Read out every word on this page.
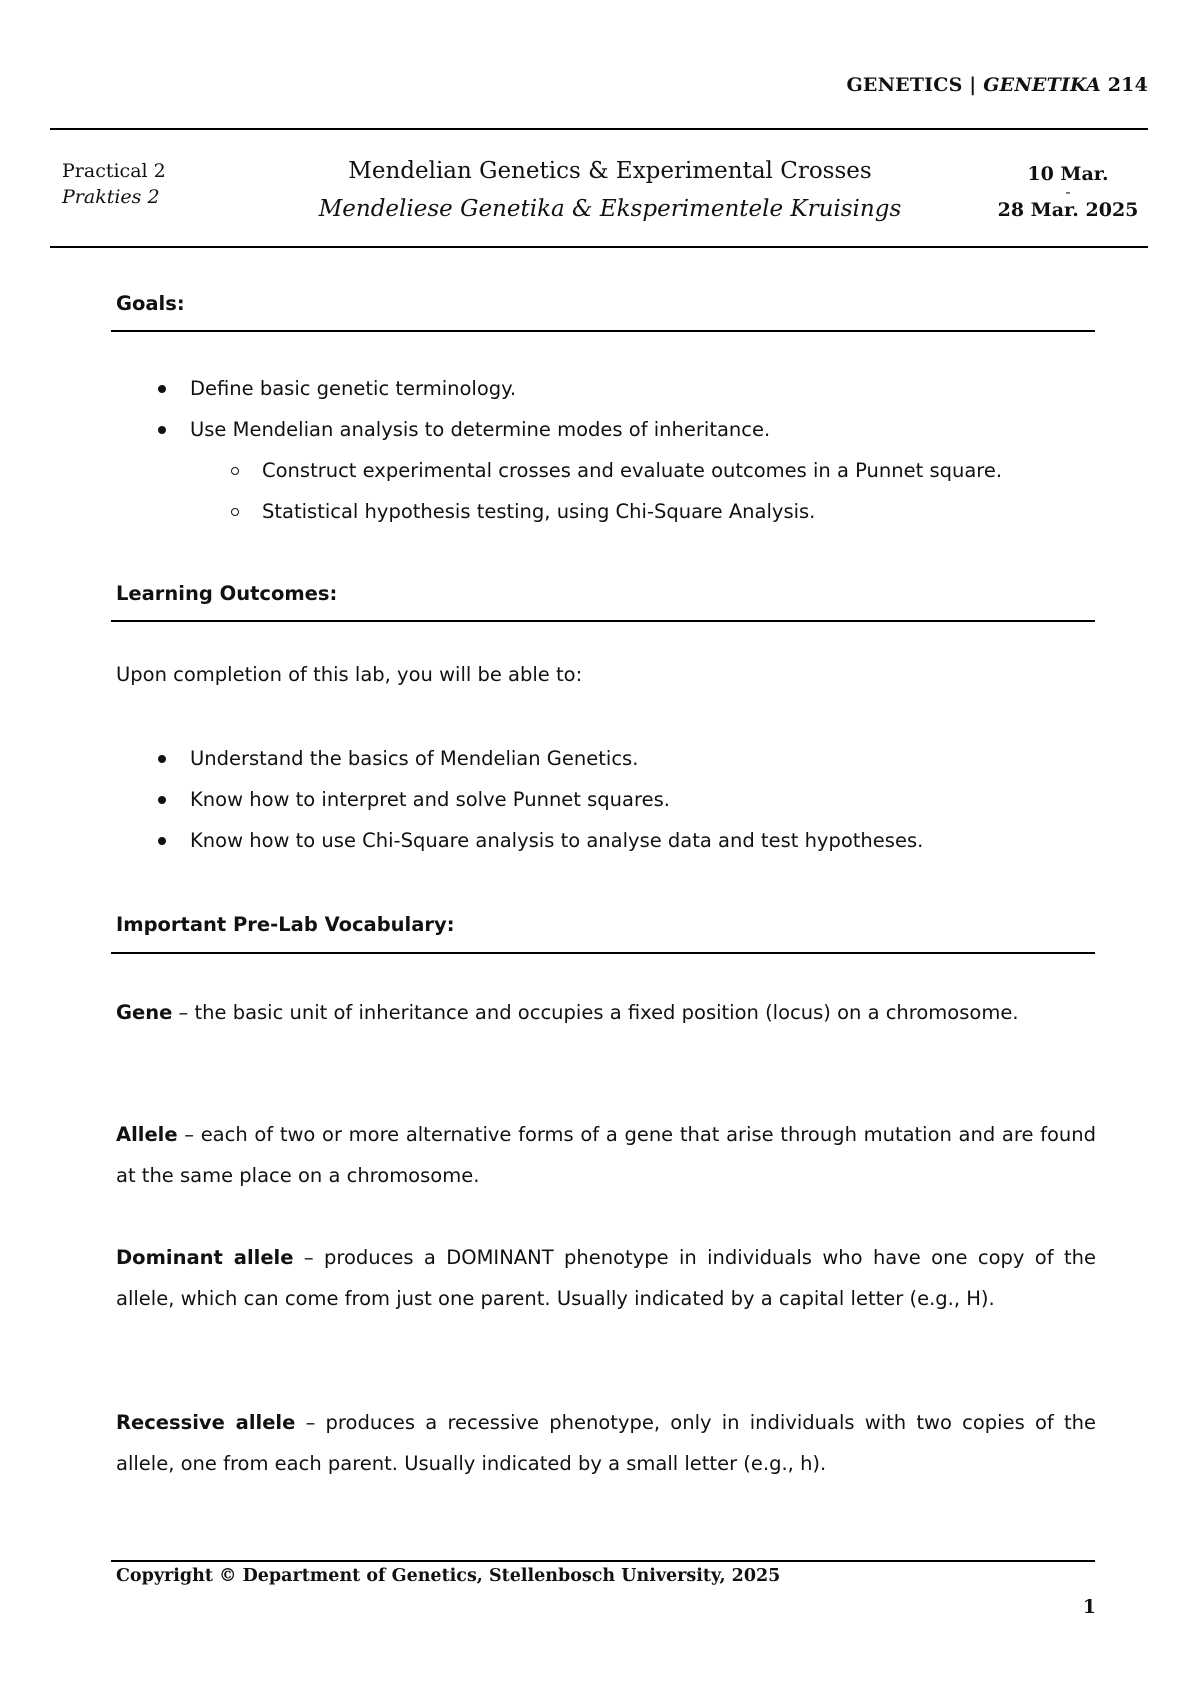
GENETICS | GENETIKA 214
Practical 2
Prakties 2
Mendelian Genetics & Experimental Crosses
Mendeliese Genetika & Eksperimentele Kruisings
10 Mar.
-
28 Mar. 2025
Goals:
Define basic genetic terminology.
Use Mendelian analysis to determine modes of inheritance.
Construct experimental crosses and evaluate outcomes in a Punnet square.
Statistical hypothesis testing, using Chi-Square Analysis.
Learning Outcomes:
Upon completion of this lab, you will be able to:
Understand the basics of Mendelian Genetics.
Know how to interpret and solve Punnet squares.
Know how to use Chi-Square analysis to analyse data and test hypotheses.
Important Pre-Lab Vocabulary:
Gene – the basic unit of inheritance and occupies a fixed position (locus) on a chromosome.
Allele – each of two or more alternative forms of a gene that arise through mutation and are found at the same place on a chromosome.
Dominant allele – produces a DOMINANT phenotype in individuals who have one copy of the allele, which can come from just one parent. Usually indicated by a capital letter (e.g., H).
Recessive allele – produces a recessive phenotype, only in individuals with two copies of the allele, one from each parent. Usually indicated by a small letter (e.g., h).
Copyright © Department of Genetics, Stellenbosch University, 2025
1
